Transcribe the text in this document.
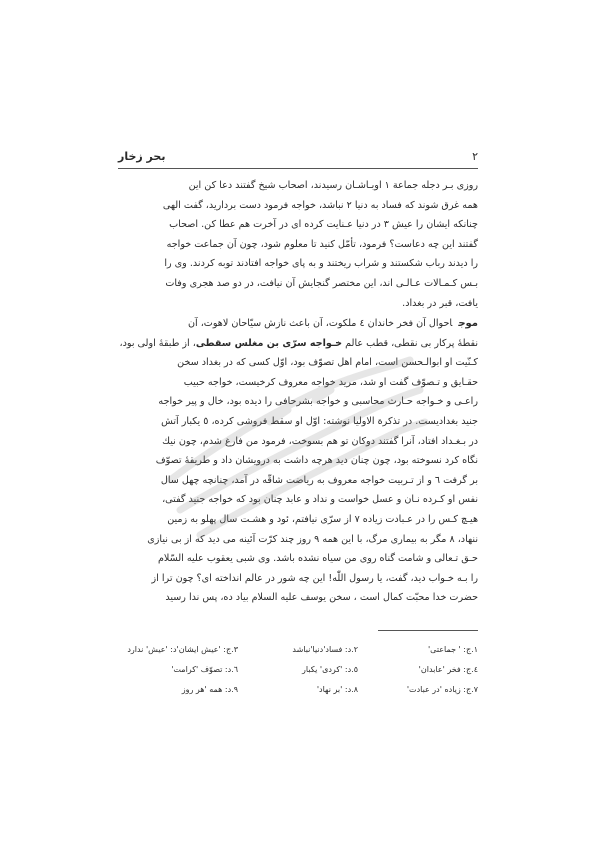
۲
بحر زخار
روزی بـر دجله جماعة ۱ اوبـاشـان رسیدند، اصحاب شیخ گفتند دعا کن این
همه غرق شوند که فساد به دنیا ۲ نباشد، خواجه فرمود دست بردارید، گفت الهی
چنانکه ایشان را عیش ۳ در دنیا عـنایت کرده ای در آخرت هم عطا کن. اصحاب
گفتند این چه دعاست؟ فرمود، تأمّل کنید تا معلوم شود، چون آن جماعت خواجه
را دیدند رباب شکستند و شراب ریختند و به پای خواجه افتادند توبه کردند. وی را
بـس کـمـالات عـالـی اند، این مختصر گنجایش آن نیافت، در دو صد هجری وفات
یافت، قبر در بغداد.
موجاحوال آن فخر خاندان ٤ ملکوت، آن باعث نازش سیّاحان لاهوت، آن
نقطهٔ پرکار بی نقطی، قطب عالم خـواجه سرّی بن مغلس سقطی، از طبقهٔ اولی بود،
کـنّیت او ابوالـحسن است، امام اهل تصوّف بود، اوّل کسی که در بغداد سخن
حقـایق و تـصوّف گفت او شد، مرید خواجه معروف کرخیست، خواجه حبیب
راعـی و خـواجه حـارث محاسبی و خواجه بشرحافی را دیده بود، خال و پیر خواجه
جنید بغدادیست. در تذکرة الاولیا نوشته: اوّل او سقط فروشی کرده، ٥ یکبار آتش
در بـغـداد افتاد، آنرا گفتند دوکان تو هم بسوخت، فرمود من فارغ شدم، چون نیك
نگاه کرد نسوخته بود، چون چنان دید هرچه داشت به درویشان داد و طریقهٔ تصوّف
بر گرفت ٦ و از تـربیت خواجه معروف به ریاضت شاقّه در آمد، چنانچه چهل سال
نفس او کـرده نـان و عسل خواست و نداد و عابد چنان بود که خواجه جنید گفتی،
هیـچ کـس را در عـبادت زیاده ۷ از سرّی نیافتم، ئود و هشـت سال پهلو به زمین
ننهاد، ۸ مگر به بیماری مرگ، با این همه ۹ روز چند کرّت آئینه می دید که از بی نیازی
حـق تـعالی و شامت گناه روی من سیاه نشده باشد. وی شبی یعقوب علیه السّلام
را بـه خـواب دید، گفت، یا رسول اللّٰه! این چه شور در عالم انداخته ای؟ چون ترا از
حضرت خدا محبّت کمال است ، سخن یوسف علیه السلام بیاد ده، پس ندا رسید
۱.ج: ' جماعتی'
۲.د: فساد'دنیا'نباشد
۳.ج: 'عیش ایشان'د: 'عیش' ندارد
٤.ج: فخر 'عابدان'
٥.د: 'کردی' یکبار
٦.د: تصوّف 'کرامت'
۷.ج: زیاده 'در عبادت'
۸.د: 'بر نهاد'
۹.د: همه 'هر روز
